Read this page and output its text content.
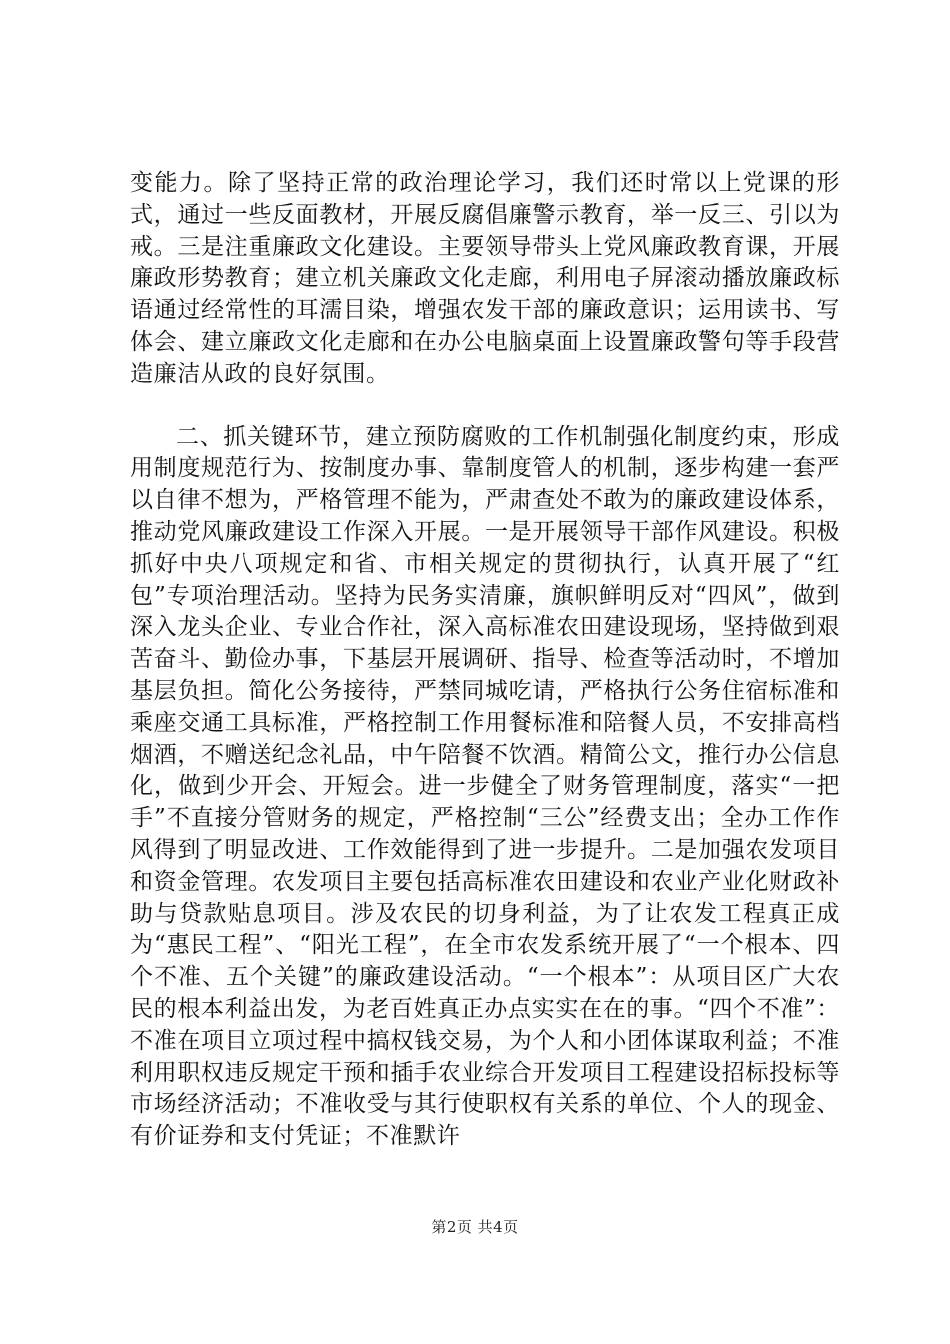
变能力。除了坚持正常的政治理论学习，我们还时常以上党课的形式，通过一些反面教材，开展反腐倡廉警示教育，举一反三、引以为戒。三是注重廉政文化建设。主要领导带头上党风廉政教育课，开展廉政形势教育；建立机关廉政文化走廊，利用电子屏滚动播放廉政标语通过经常性的耳濡目染，增强农发干部的廉政意识；运用读书、写体会、建立廉政文化走廊和在办公电脑桌面上设置廉政警句等手段营造廉洁从政的良好氛围。

二、抓关键环节，建立预防腐败的工作机制强化制度约束，形成用制度规范行为、按制度办事、靠制度管人的机制，逐步构建一套严以自律不想为，严格管理不能为，严肃查处不敢为的廉政建设体系，推动党风廉政建设工作深入开展。一是开展领导干部作风建设。积极抓好中央八项规定和省、市相关规定的贯彻执行，认真开展了“红包”专项治理活动。坚持为民务实清廉，旗帜鲜明反对“四风”，做到深入龙头企业、专业合作社，深入高标准农田建设现场，坚持做到艰苦奋斗、勤俭办事，下基层开展调研、指导、检查等活动时，不增加基层负担。简化公务接待，严禁同城吃请，严格执行公务住宿标准和乘座交通工具标准，严格控制工作用餐标准和陪餐人员，不安排高档烟酒，不赠送纪念礼品，中午陪餐不饮酒。精简公文，推行办公信息化，做到少开会、开短会。进一步健全了财务管理制度，落实“一把手”不直接分管财务的规定，严格控制“三公”经费支出；全办工作作风得到了明显改进、工作效能得到了进一步提升。二是加强农发项目和资金管理。农发项目主要包括高标准农田建设和农业产业化财政补助与贷款贴息项目。涉及农民的切身利益，为了让农发工程真正成为“惠民工程”、“阳光工程”，在全市农发系统开展了“一个根本、四个不准、五个关键”的廉政建设活动。“一个根本”：从项目区广大农民的根本利益出发，为老百姓真正办点实实在在的事。“四个不准”：不准在项目立项过程中搞权钱交易，为个人和小团体谋取利益；不准利用职权违反规定干预和插手农业综合开发项目工程建设招标投标等市场经济活动；不准收受与其行使职权有关系的单位、个人的现金、有价证券和支付凭证；不准默许

第2页 共4页
